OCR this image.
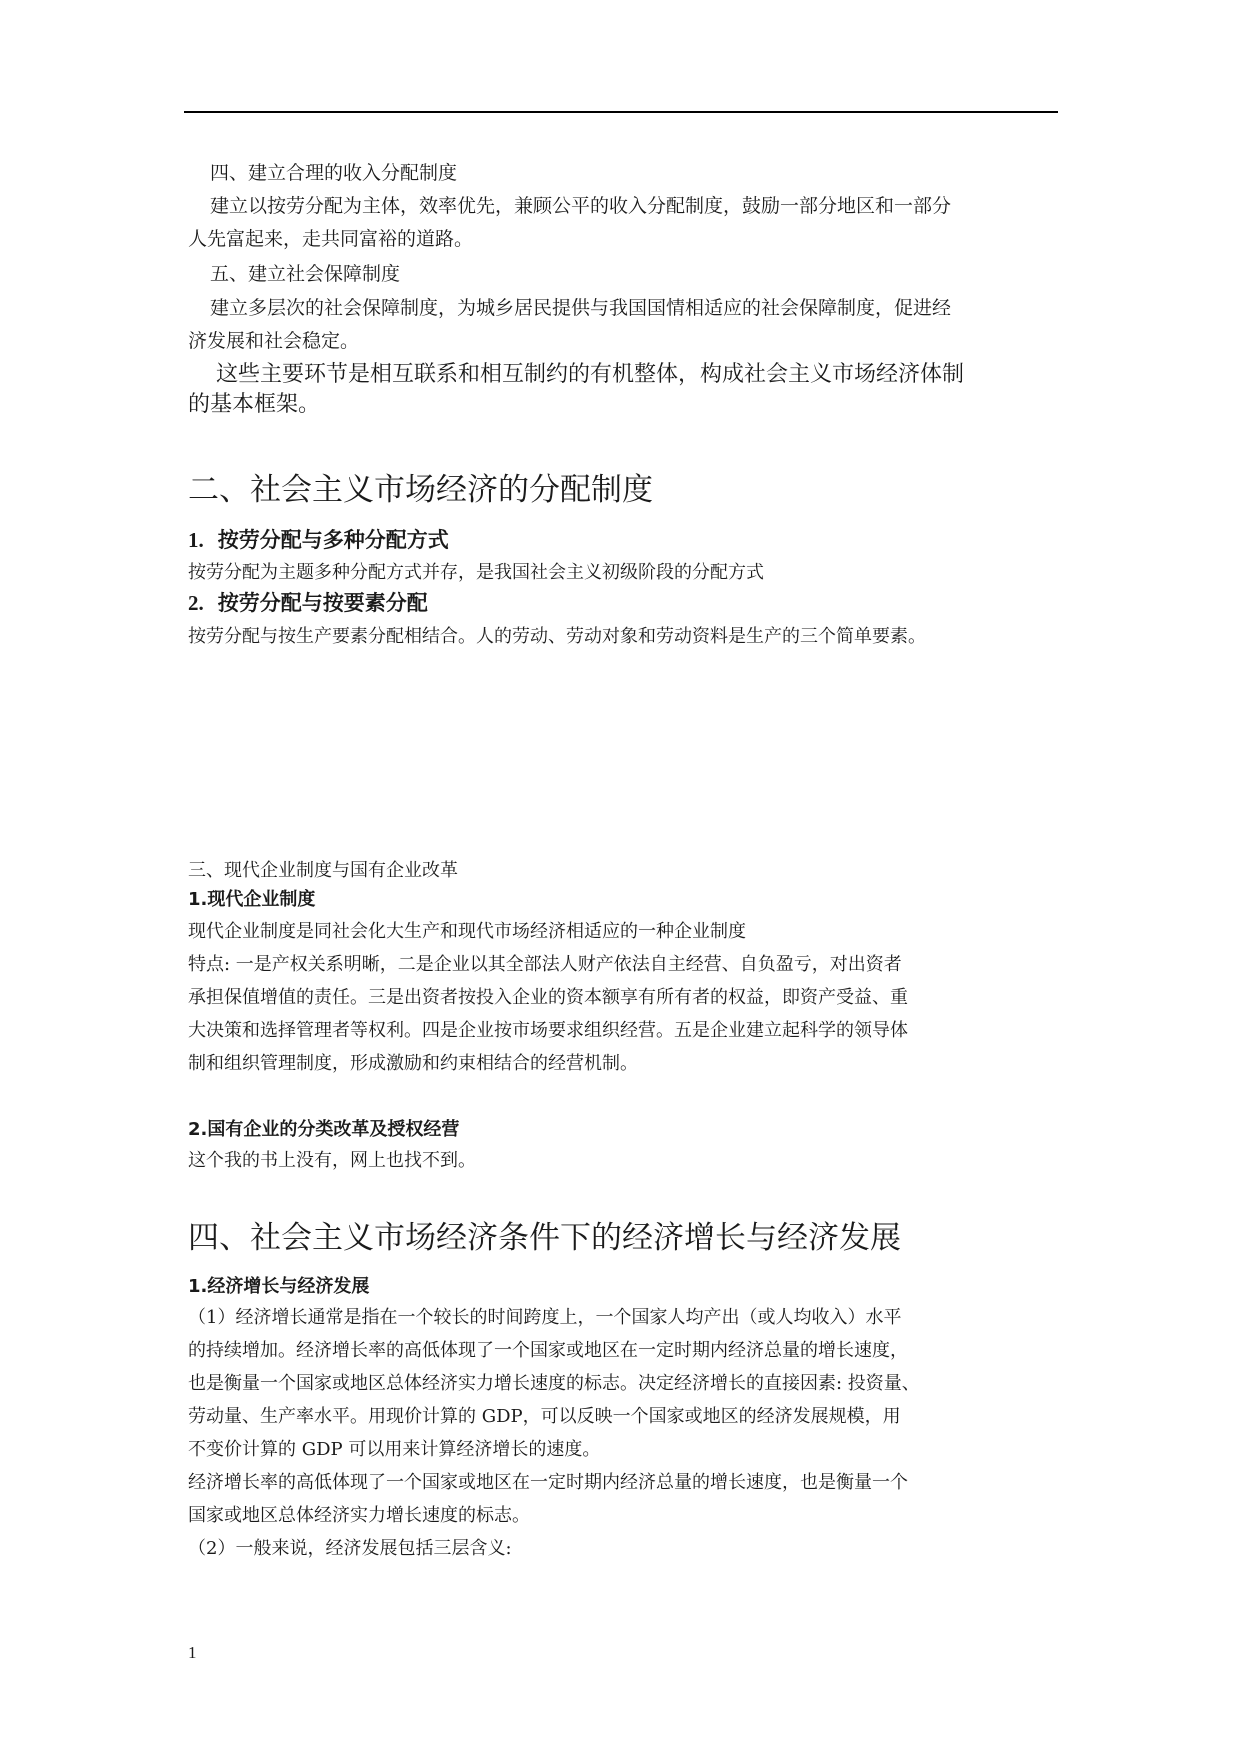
四、建立合理的收入分配制度

建立以按劳分配为主体，效率优先，兼顾公平的收入分配制度，鼓励一部分地区和一部分

人先富起来，走共同富裕的道路。

五、建立社会保障制度

建立多层次的社会保障制度，为城乡居民提供与我国国情相适应的社会保障制度，促进经

济发展和社会稳定。

这些主要环节是相互联系和相互制约的有机整体，构成社会主义市场经济体制

的基本框架。

二、社会主义市场经济的分配制度
1. 按劳分配与多种分配方式

按劳分配为主题多种分配方式并存，是我国社会主义初级阶段的分配方式

2. 按劳分配与按要素分配

按劳分配与按生产要素分配相结合。人的劳动、劳动对象和劳动资料是生产的三个简单要素。

三、现代企业制度与国有企业改革

1.现代企业制度

现代企业制度是同社会化大生产和现代市场经济相适应的一种企业制度
特点: 一是产权关系明晰，二是企业以其全部法人财产依法自主经营、自负盈亏，对出资者
承担保值增值的责任。三是出资者按投入企业的资本额享有所有者的权益，即资产受益、重
大决策和选择管理者等权利。四是企业按市场要求组织经营。五是企业建立起科学的领导体
制和组织管理制度，形成激励和约束相结合的经营机制。

2.国有企业的分类改革及授权经营

这个我的书上没有，网上也找不到。

四、社会主义市场经济条件下的经济增长与经济发展

1.经济增长与经济发展

（1）经济增长通常是指在一个较长的时间跨度上，一个国家人均产出（或人均收入）水平
的持续增加。经济增长率的高低体现了一个国家或地区在一定时期内经济总量的增长速度，
也是衡量一个国家或地区总体经济实力增长速度的标志。决定经济增长的直接因素: 投资量、
劳动量、生产率水平。用现价计算的 GDP，可以反映一个国家或地区的经济发展规模，用
不变价计算的 GDP 可以用来计算经济增长的速度。
经济增长率的高低体现了一个国家或地区在一定时期内经济总量的增长速度，也是衡量一个
国家或地区总体经济实力增长速度的标志。
（2）一般来说，经济发展包括三层含义:
1
